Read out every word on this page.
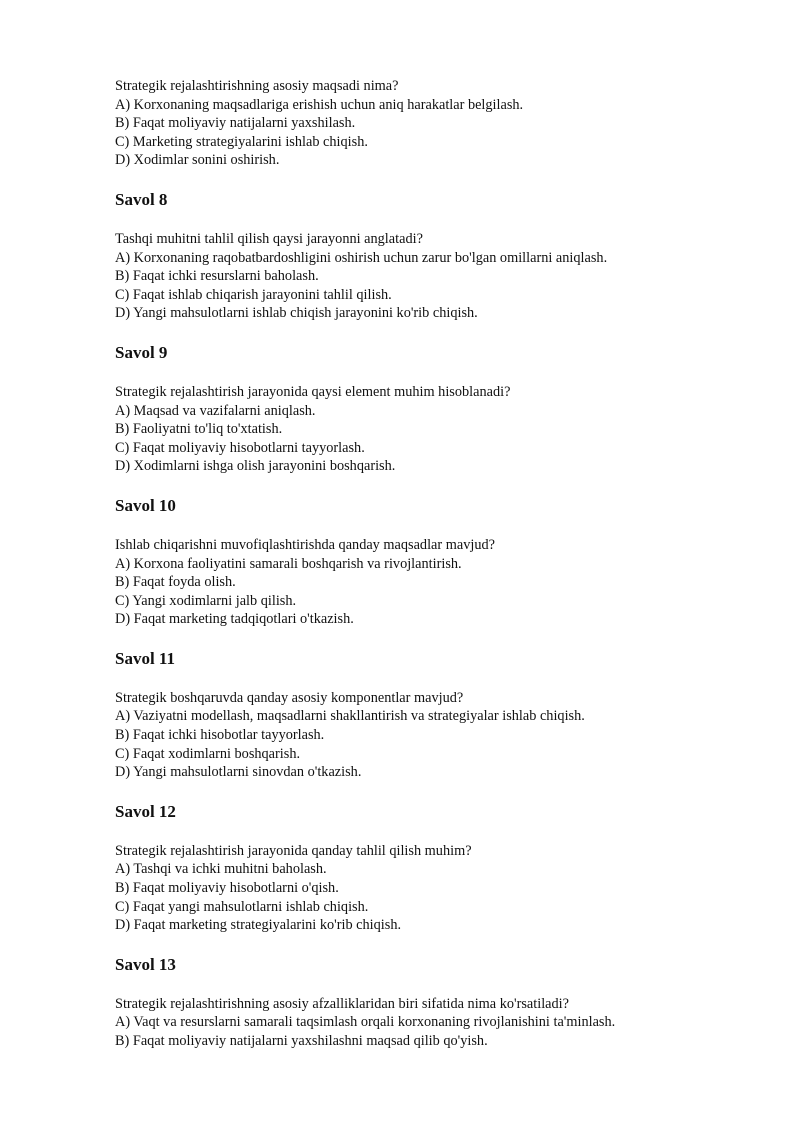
Strategik rejalashtirishning asosiy maqsadi nima?

A) Korxonaning maqsadlariga erishish uchun aniq harakatlar belgilash.

B) Faqat moliyaviy natijalarni yaxshilash.

C) Marketing strategiyalarini ishlab chiqish.

D) Xodimlar sonini oshirish.

Savol 8

Tashqi muhitni tahlil qilish qaysi jarayonni anglatadi?

A) Korxonaning raqobatbardoshligini oshirish uchun zarur bo'lgan omillarni aniqlash.

B) Faqat ichki resurslarni baholash.

C) Faqat ishlab chiqarish jarayonini tahlil qilish.

D) Yangi mahsulotlarni ishlab chiqish jarayonini ko'rib chiqish.

Savol 9

Strategik rejalashtirish jarayonida qaysi element muhim hisoblanadi?

A) Maqsad va vazifalarni aniqlash.

B) Faoliyatni to'liq to'xtatish.

C) Faqat moliyaviy hisobotlarni tayyorlash.

D) Xodimlarni ishga olish jarayonini boshqarish.

Savol 10

Ishlab chiqarishni muvofiqlashtirishda qanday maqsadlar mavjud?

A) Korxona faoliyatini samarali boshqarish va rivojlantirish.

B) Faqat foyda olish.

C) Yangi xodimlarni jalb qilish.

D) Faqat marketing tadqiqotlari o'tkazish.

Savol 11

Strategik boshqaruvda qanday asosiy komponentlar mavjud?

A) Vaziyatni modellash, maqsadlarni shakllantirish va strategiyalar ishlab chiqish.

B) Faqat ichki hisobotlar tayyorlash.

C) Faqat xodimlarni boshqarish.

D) Yangi mahsulotlarni sinovdan o'tkazish.

Savol 12

Strategik rejalashtirish jarayonida qanday tahlil qilish muhim?

A) Tashqi va ichki muhitni baholash.

B) Faqat moliyaviy hisobotlarni o'qish.

C) Faqat yangi mahsulotlarni ishlab chiqish.

D) Faqat marketing strategiyalarini ko'rib chiqish.

Savol 13

Strategik rejalashtirishning asosiy afzalliklaridan biri sifatida nima ko'rsatiladi?

A) Vaqt va resurslarni samarali taqsimlash orqali korxonaning rivojlanishini ta'minlash.

B) Faqat moliyaviy natijalarni yaxshilashni maqsad qilib qo'yish.
